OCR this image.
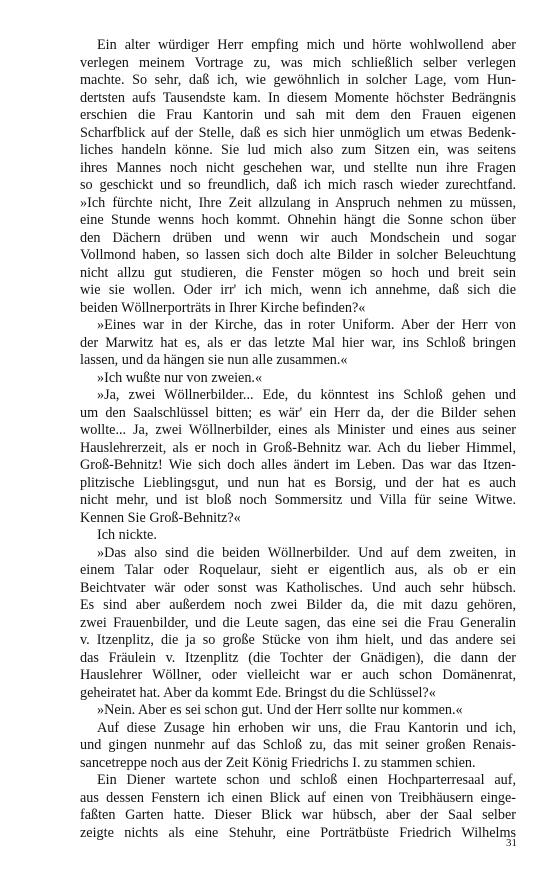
Ein alter würdiger Herr empfing mich und hörte wohlwollend aber
verlegen meinem Vortrage zu, was mich schließlich selber verlegen
machte. So sehr, daß ich, wie gewöhnlich in solcher Lage, vom Hun-
dertsten aufs Tausendste kam. In diesem Momente höchster Bedrängnis
erschien die Frau Kantorin und sah mit dem den Frauen eigenen
Scharfblick auf der Stelle, daß es sich hier unmöglich um etwas Bedenk-
liches handeln könne. Sie lud mich also zum Sitzen ein, was seitens
ihres Mannes noch nicht geschehen war, und stellte nun ihre Fragen
so geschickt und so freundlich, daß ich mich rasch wieder zurechtfand.
»Ich fürchte nicht, Ihre Zeit allzulang in Anspruch nehmen zu müssen,
eine Stunde wenns hoch kommt. Ohnehin hängt die Sonne schon über
den Dächern drüben und wenn wir auch Mondschein und sogar
Vollmond haben, so lassen sich doch alte Bilder in solcher Beleuchtung
nicht allzu gut studieren, die Fenster mögen so hoch und breit sein
wie sie wollen. Oder irr' ich mich, wenn ich annehme, daß sich die
beiden Wöllnerporträts in Ihrer Kirche befinden?«
»Eines war in der Kirche, das in roter Uniform. Aber der Herr von
der Marwitz hat es, als er das letzte Mal hier war, ins Schloß bringen
lassen, und da hängen sie nun alle zusammen.«
»Ich wußte nur von zweien.«
»Ja, zwei Wöllnerbilder... Ede, du könntest ins Schloß gehen und
um den Saalschlüssel bitten; es wär' ein Herr da, der die Bilder sehen
wollte... Ja, zwei Wöllnerbilder, eines als Minister und eines aus seiner
Hauslehrerzeit, als er noch in Groß-Behnitz war. Ach du lieber Himmel,
Groß-Behnitz! Wie sich doch alles ändert im Leben. Das war das Itzen-
plitzische Lieblingsgut, und nun hat es Borsig, und der hat es auch
nicht mehr, und ist bloß noch Sommersitz und Villa für seine Witwe.
Kennen Sie Groß-Behnitz?«
Ich nickte.
»Das also sind die beiden Wöllnerbilder. Und auf dem zweiten, in
einem Talar oder Roquelaur, sieht er eigentlich aus, als ob er ein
Beichtvater wär oder sonst was Katholisches. Und auch sehr hübsch.
Es sind aber außerdem noch zwei Bilder da, die mit dazu gehören,
zwei Frauenbilder, und die Leute sagen, das eine sei die Frau Generalin
v. Itzenplitz, die ja so große Stücke von ihm hielt, und das andere sei
das Fräulein v. Itzenplitz (die Tochter der Gnädigen), die dann der
Hauslehrer Wöllner, oder vielleicht war er auch schon Domänenrat,
geheiratet hat. Aber da kommt Ede. Bringst du die Schlüssel?«
»Nein. Aber es sei schon gut. Und der Herr sollte nur kommen.«
Auf diese Zusage hin erhoben wir uns, die Frau Kantorin und ich,
und gingen nunmehr auf das Schloß zu, das mit seiner großen Renais-
sancetreppe noch aus der Zeit König Friedrichs I. zu stammen schien.
Ein Diener wartete schon und schloß einen Hochparterresaal auf,
aus dessen Fenstern ich einen Blick auf einen von Treibhäusern einge-
faßten Garten hatte. Dieser Blick war hübsch, aber der Saal selber
zeigte nichts als eine Stehuhr, eine Porträtbüste Friedrich Wilhelms
31
